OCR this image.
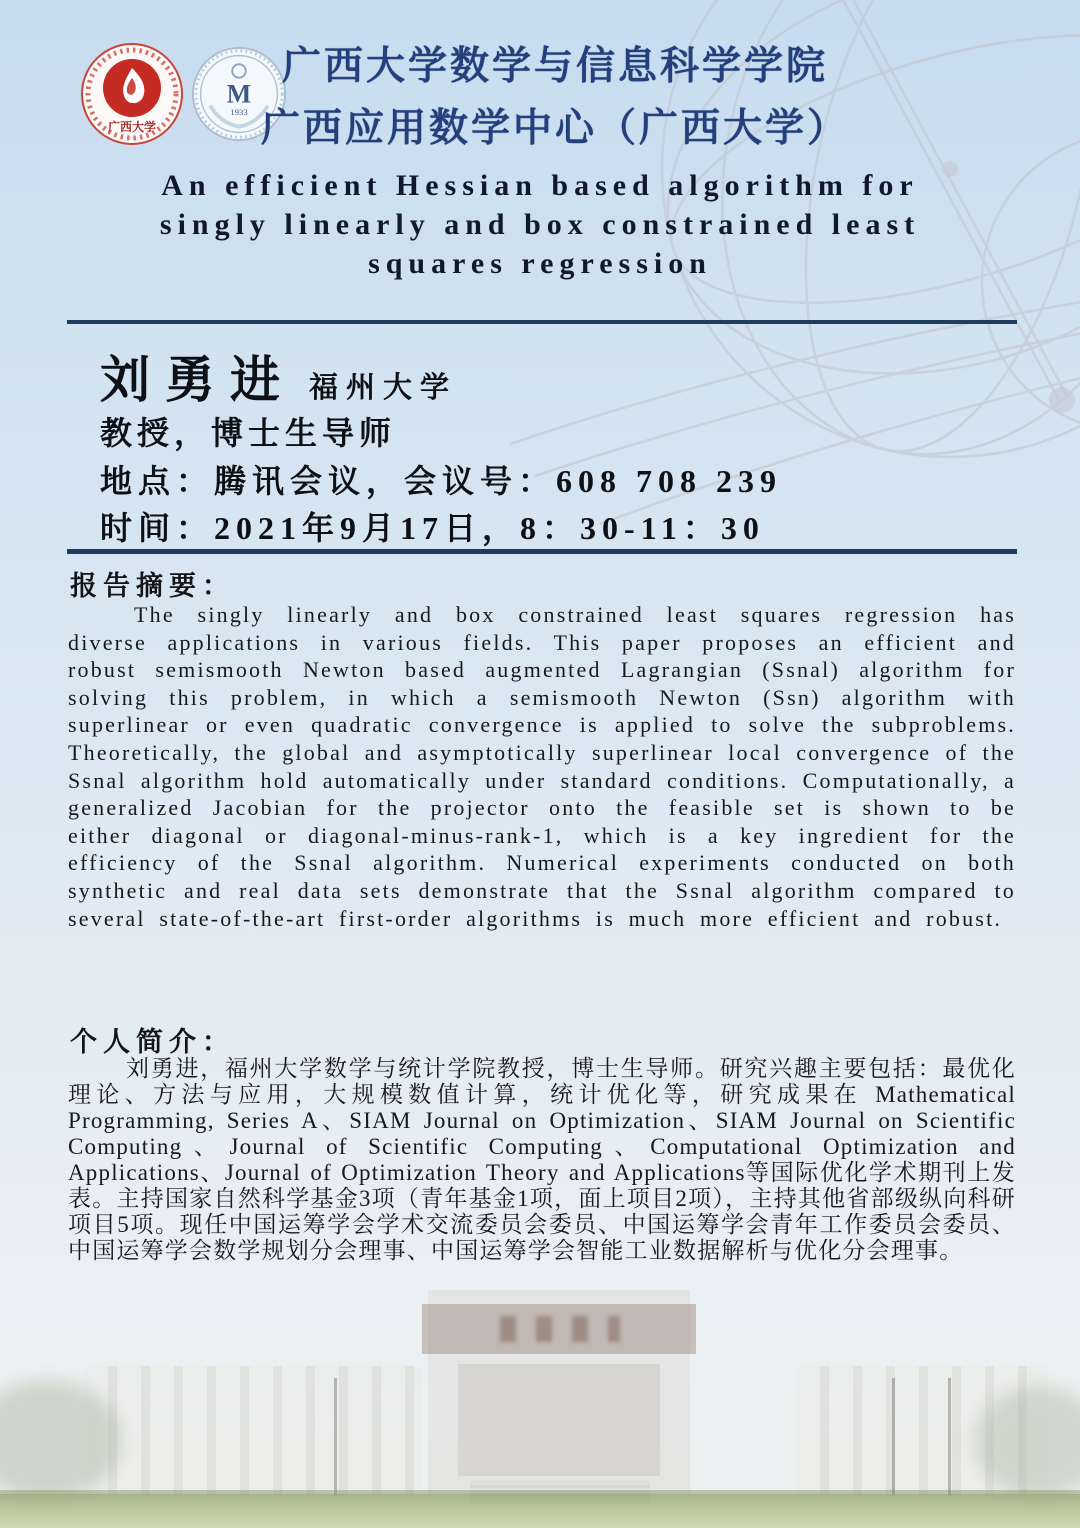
广西大学
M
1933
广西大学数学与信息科学学院
广西应用数学中心（广西大学）
An efficient Hessian based algorithm for
singly linearly and box constrained least
squares regression
刘勇进 福州大学
教授，博士生导师
地点：腾讯会议，会议号：608 708 239
时间：2021年9月17日，8：30-11：30
报告摘要：
The singly linearly and box constrained least squares regression has diverse applications in various fields. This paper proposes an efficient and robust semismooth Newton based augmented Lagrangian (Ssnal) algorithm for solving this problem, in which a semismooth Newton (Ssn) algorithm with superlinear or even quadratic convergence is applied to solve the subproblems. Theoretically, the global and asymptotically superlinear local convergence of the Ssnal algorithm hold automatically under standard conditions. Computationally, a generalized Jacobian for the projector onto the feasible set is shown to be either diagonal or diagonal-minus-rank-1, which is a key ingredient for the efficiency of the Ssnal algorithm. Numerical experiments conducted on both synthetic and real data sets demonstrate that the Ssnal algorithm compared to several state-of-the-art first-order algorithms is much more efficient and robust.
个人简介：
刘勇进，福州大学数学与统计学院教授，博士生导师。研究兴趣主要包括：最优化理论、方法与应用，大规模数值计算，统计优化等，研究成果在 Mathematical Programming, Series A、SIAM Journal on Optimization、SIAM Journal on Scientific Computing、Journal of Scientific Computing、Computational Optimization and Applications、Journal of Optimization Theory and Applications等国际优化学术期刊上发表。主持国家自然科学基金3项（青年基金1项，面上项目2项），主持其他省部级纵向科研项目5项。现任中国运筹学会学术交流委员会委员、中国运筹学会青年工作委员会委员、中国运筹学会数学规划分会理事、中国运筹学会智能工业数据解析与优化分会理事。
